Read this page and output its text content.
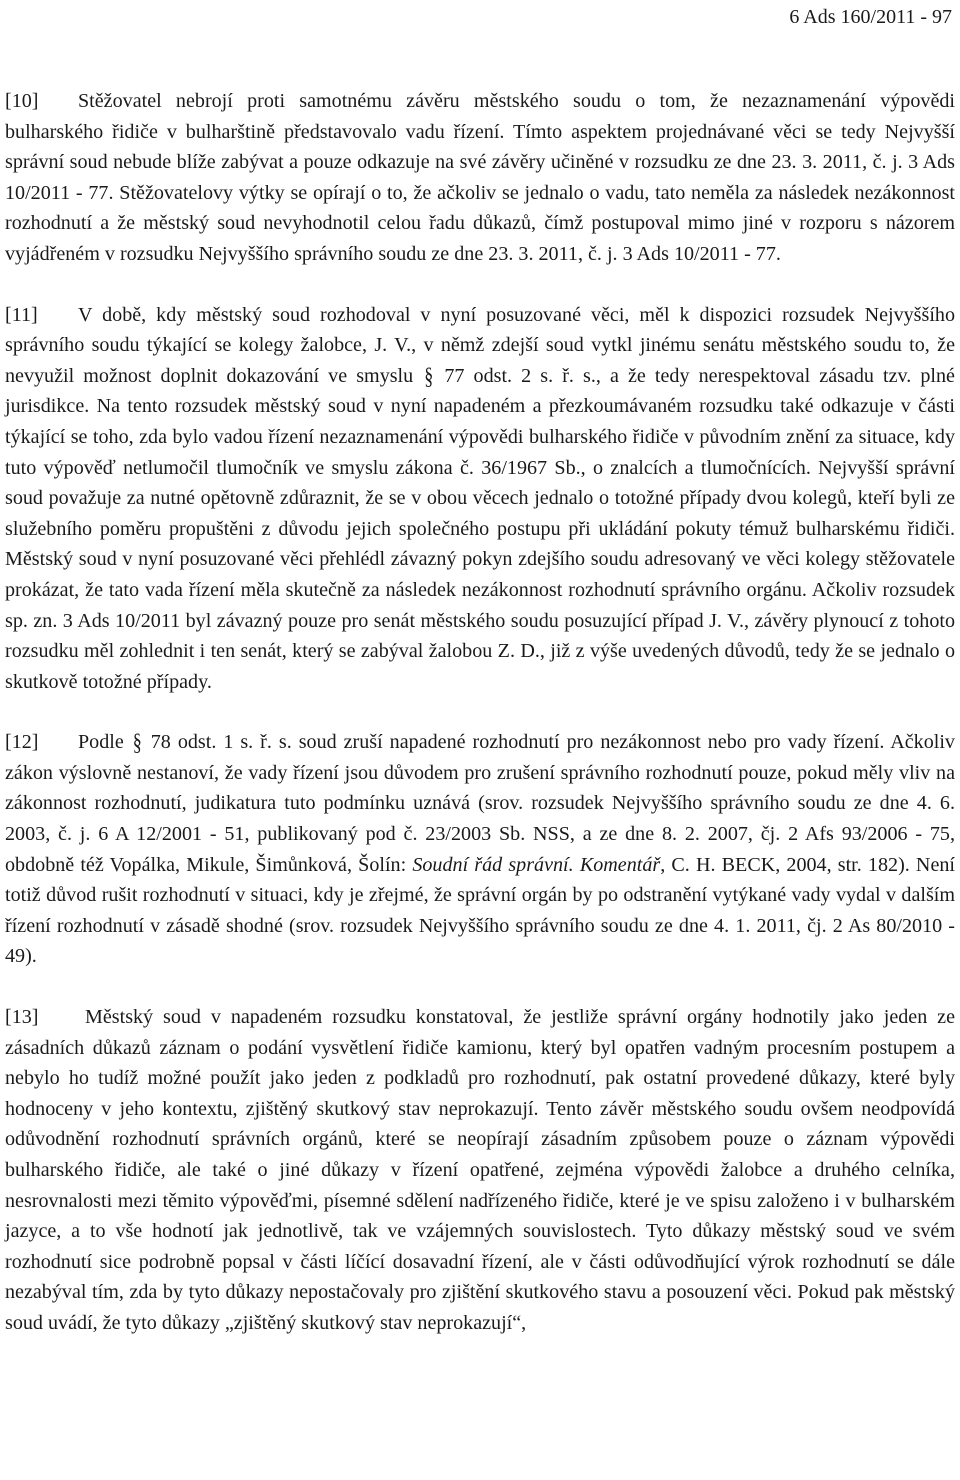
6 Ads 160/2011 - 97

[10] Stěžovatel nebrojí proti samotnému závěru městského soudu o tom, že nezaznamenání výpovědi bulharského řidiče v bulharštině představovalo vadu řízení. Tímto aspektem projednávané věci se tedy Nejvyšší správní soud nebude blíže zabývat a pouze odkazuje na své závěry učiněné v rozsudku ze dne 23. 3. 2011, č. j. 3 Ads 10/2011 - 77. Stěžovatelovy výtky se opírají o to, že ačkoliv se jednalo o vadu, tato neměla za následek nezákonnost rozhodnutí a že městský soud nevyhodnotil celou řadu důkazů, čímž postupoval mimo jiné v rozporu s názorem vyjádřeném v rozsudku Nejvyššího správního soudu ze dne 23. 3. 2011, č. j. 3 Ads 10/2011 - 77.

[11] V době, kdy městský soud rozhodoval v nyní posuzované věci, měl k dispozici rozsudek Nejvyššího správního soudu týkající se kolegy žalobce, J. V., v němž zdejší soud vytkl jinému senátu městského soudu to, že nevyužil možnost doplnit dokazování ve smyslu § 77 odst. 2 s. ř. s., a že tedy nerespektoval zásadu tzv. plné jurisdikce. Na tento rozsudek městský soud v nyní napadeném a přezkoumávaném rozsudku také odkazuje v části týkající se toho, zda bylo vadou řízení nezaznamenání výpovědi bulharského řidiče v původním znění za situace, kdy tuto výpověď netlumočil tlumočník ve smyslu zákona č. 36/1967 Sb., o znalcích a tlumočnících. Nejvyšší správní soud považuje za nutné opětovně zdůraznit, že se v obou věcech jednalo o totožné případy dvou kolegů, kteří byli ze služebního poměru propuštěni z důvodu jejich společného postupu při ukládání pokuty témuž bulharskému řidiči. Městský soud v nyní posuzované věci přehlédl závazný pokyn zdejšího soudu adresovaný ve věci kolegy stěžovatele prokázat, že tato vada řízení měla skutečně za následek nezákonnost rozhodnutí správního orgánu. Ačkoliv rozsudek sp. zn. 3 Ads 10/2011 byl závazný pouze pro senát městského soudu posuzující případ J. V., závěry plynoucí z tohoto rozsudku měl zohlednit i ten senát, který se zabýval žalobou Z. D., již z výše uvedených důvodů, tedy že se jednalo o skutkově totožné případy.

[12] Podle § 78 odst. 1 s. ř. s. soud zruší napadené rozhodnutí pro nezákonnost nebo pro vady řízení. Ačkoliv zákon výslovně nestanoví, že vady řízení jsou důvodem pro zrušení správního rozhodnutí pouze, pokud měly vliv na zákonnost rozhodnutí, judikatura tuto podmínku uznává (srov. rozsudek Nejvyššího správního soudu ze dne 4. 6. 2003, č. j. 6 A 12/2001 - 51, publikovaný pod č. 23/2003 Sb. NSS, a ze dne 8. 2. 2007, čj. 2 Afs 93/2006 - 75, obdobně též Vopálka, Mikule, Šimůnková, Šolín: Soudní řád správní. Komentář, C. H. BECK, 2004, str. 182). Není totiž důvod rušit rozhodnutí v situaci, kdy je zřejmé, že správní orgán by po odstranění vytýkané vady vydal v dalším řízení rozhodnutí v zásadě shodné (srov. rozsudek Nejvyššího správního soudu ze dne 4. 1. 2011, čj. 2 As 80/2010 - 49).

[13] Městský soud v napadeném rozsudku konstatoval, že jestliže správní orgány hodnotily jako jeden ze zásadních důkazů záznam o podání vysvětlení řidiče kamionu, který byl opatřen vadným procesním postupem a nebylo ho tudíž možné použít jako jeden z podkladů pro rozhodnutí, pak ostatní provedené důkazy, které byly hodnoceny v jeho kontextu, zjištěný skutkový stav neprokazují. Tento závěr městského soudu ovšem neodpovídá odůvodnění rozhodnutí správních orgánů, které se neopírají zásadním způsobem pouze o záznam výpovědi bulharského řidiče, ale také o jiné důkazy v řízení opatřené, zejména výpovědi žalobce a druhého celníka, nesrovnalosti mezi těmito výpověďmi, písemné sdělení nadřízeného řidiče, které je ve spisu založeno i v bulharském jazyce, a to vše hodnotí jak jednotlivě, tak ve vzájemných souvislostech. Tyto důkazy městský soud ve svém rozhodnutí sice podrobně popsal v části líčící dosavadní řízení, ale v části odůvodňující výrok rozhodnutí se dále nezabýval tím, zda by tyto důkazy nepostačovaly pro zjištění skutkového stavu a posouzení věci. Pokud pak městský soud uvádí, že tyto důkazy „zjištěný skutkový stav neprokazují“,
